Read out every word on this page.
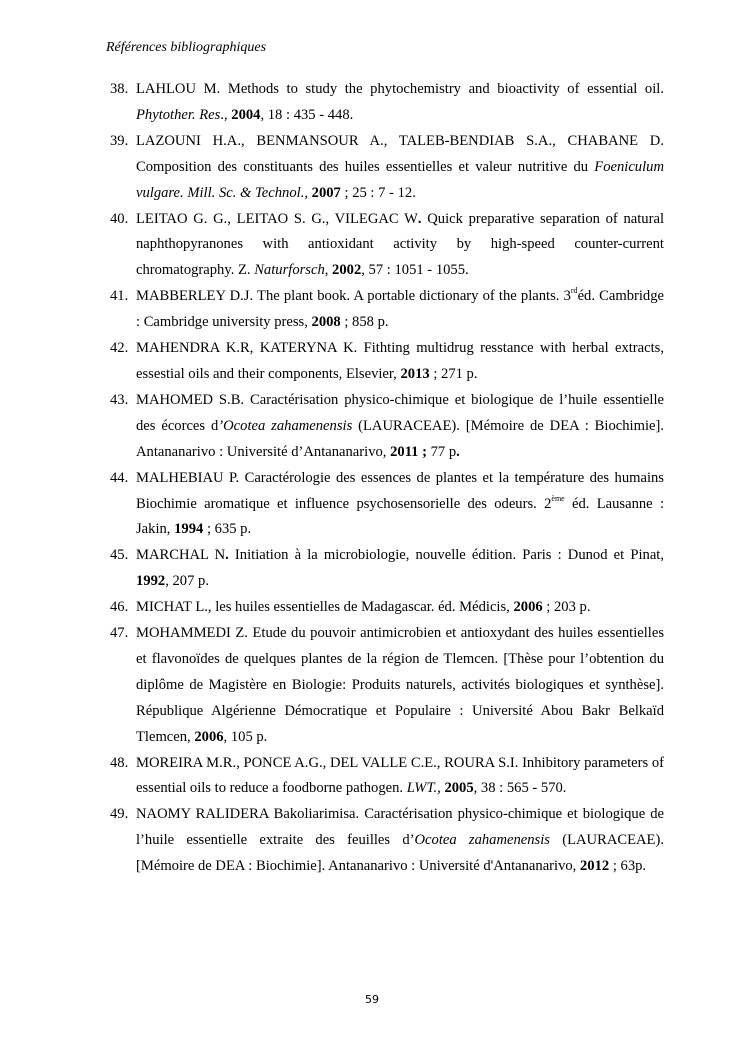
Références bibliographiques
38. LAHLOU M. Methods to study the phytochemistry and bioactivity of essential oil. Phytother. Res., 2004, 18 : 435 - 448.
39. LAZOUNI H.A., BENMANSOUR A., TALEB-BENDIAB S.A., CHABANE D. Composition des constituants des huiles essentielles et valeur nutritive du Foeniculum vulgare. Mill. Sc. & Technol., 2007 ; 25 : 7 - 12.
40. LEITAO G. G., LEITAO S. G., VILEGAC W. Quick preparative separation of natural naphthopyranones with antioxidant activity by high-speed counter-current chromatography. Z. Naturforsch, 2002, 57 : 1051 - 1055.
41. MABBERLEY D.J. The plant book. A portable dictionary of the plants. 3rdéd. Cambridge : Cambridge university press, 2008 ; 858 p.
42. MAHENDRA K.R, KATERYNA K. Fithting multidrug resstance with herbal extracts, essestial oils and their components, Elsevier, 2013 ; 271 p.
43. MAHOMED S.B. Caractérisation physico-chimique et biologique de l’huile essentielle des écorces d’Ocotea zahamenensis (LAURACEAE). [Mémoire de DEA : Biochimie]. Antananarivo : Université d’Antananarivo, 2011 ; 77 p.
44. MALHEBIAU P. Caractérologie des essences de plantes et la température des humains Biochimie aromatique et influence psychosensorielle des odeurs. 2ème éd. Lausanne : Jakin, 1994 ; 635 p.
45. MARCHAL N. Initiation à la microbiologie, nouvelle édition. Paris : Dunod et Pinat, 1992, 207 p.
46. MICHAT L., les huiles essentielles de Madagascar. éd. Médicis, 2006 ; 203 p.
47. MOHAMMEDI Z. Etude du pouvoir antimicrobien et antioxydant des huiles essentielles et flavonoïdes de quelques plantes de la région de Tlemcen. [Thèse pour l’obtention du diplôme de Magistère en Biologie: Produits naturels, activités biologiques et synthèse]. République Algérienne Démocratique et Populaire : Université Abou Bakr Belkaïd Tlemcen, 2006, 105 p.
48. MOREIRA M.R., PONCE A.G., DEL VALLE C.E., ROURA S.I. Inhibitory parameters of essential oils to reduce a foodborne pathogen. LWT., 2005, 38 : 565 - 570.
49. NAOMY RALIDERA Bakoliarimisa. Caractérisation physico-chimique et biologique de l’huile essentielle extraite des feuilles d’Ocotea zahamenensis (LAURACEAE). [Mémoire de DEA : Biochimie]. Antananarivo : Université d'Antananarivo, 2012 ; 63p.
59
